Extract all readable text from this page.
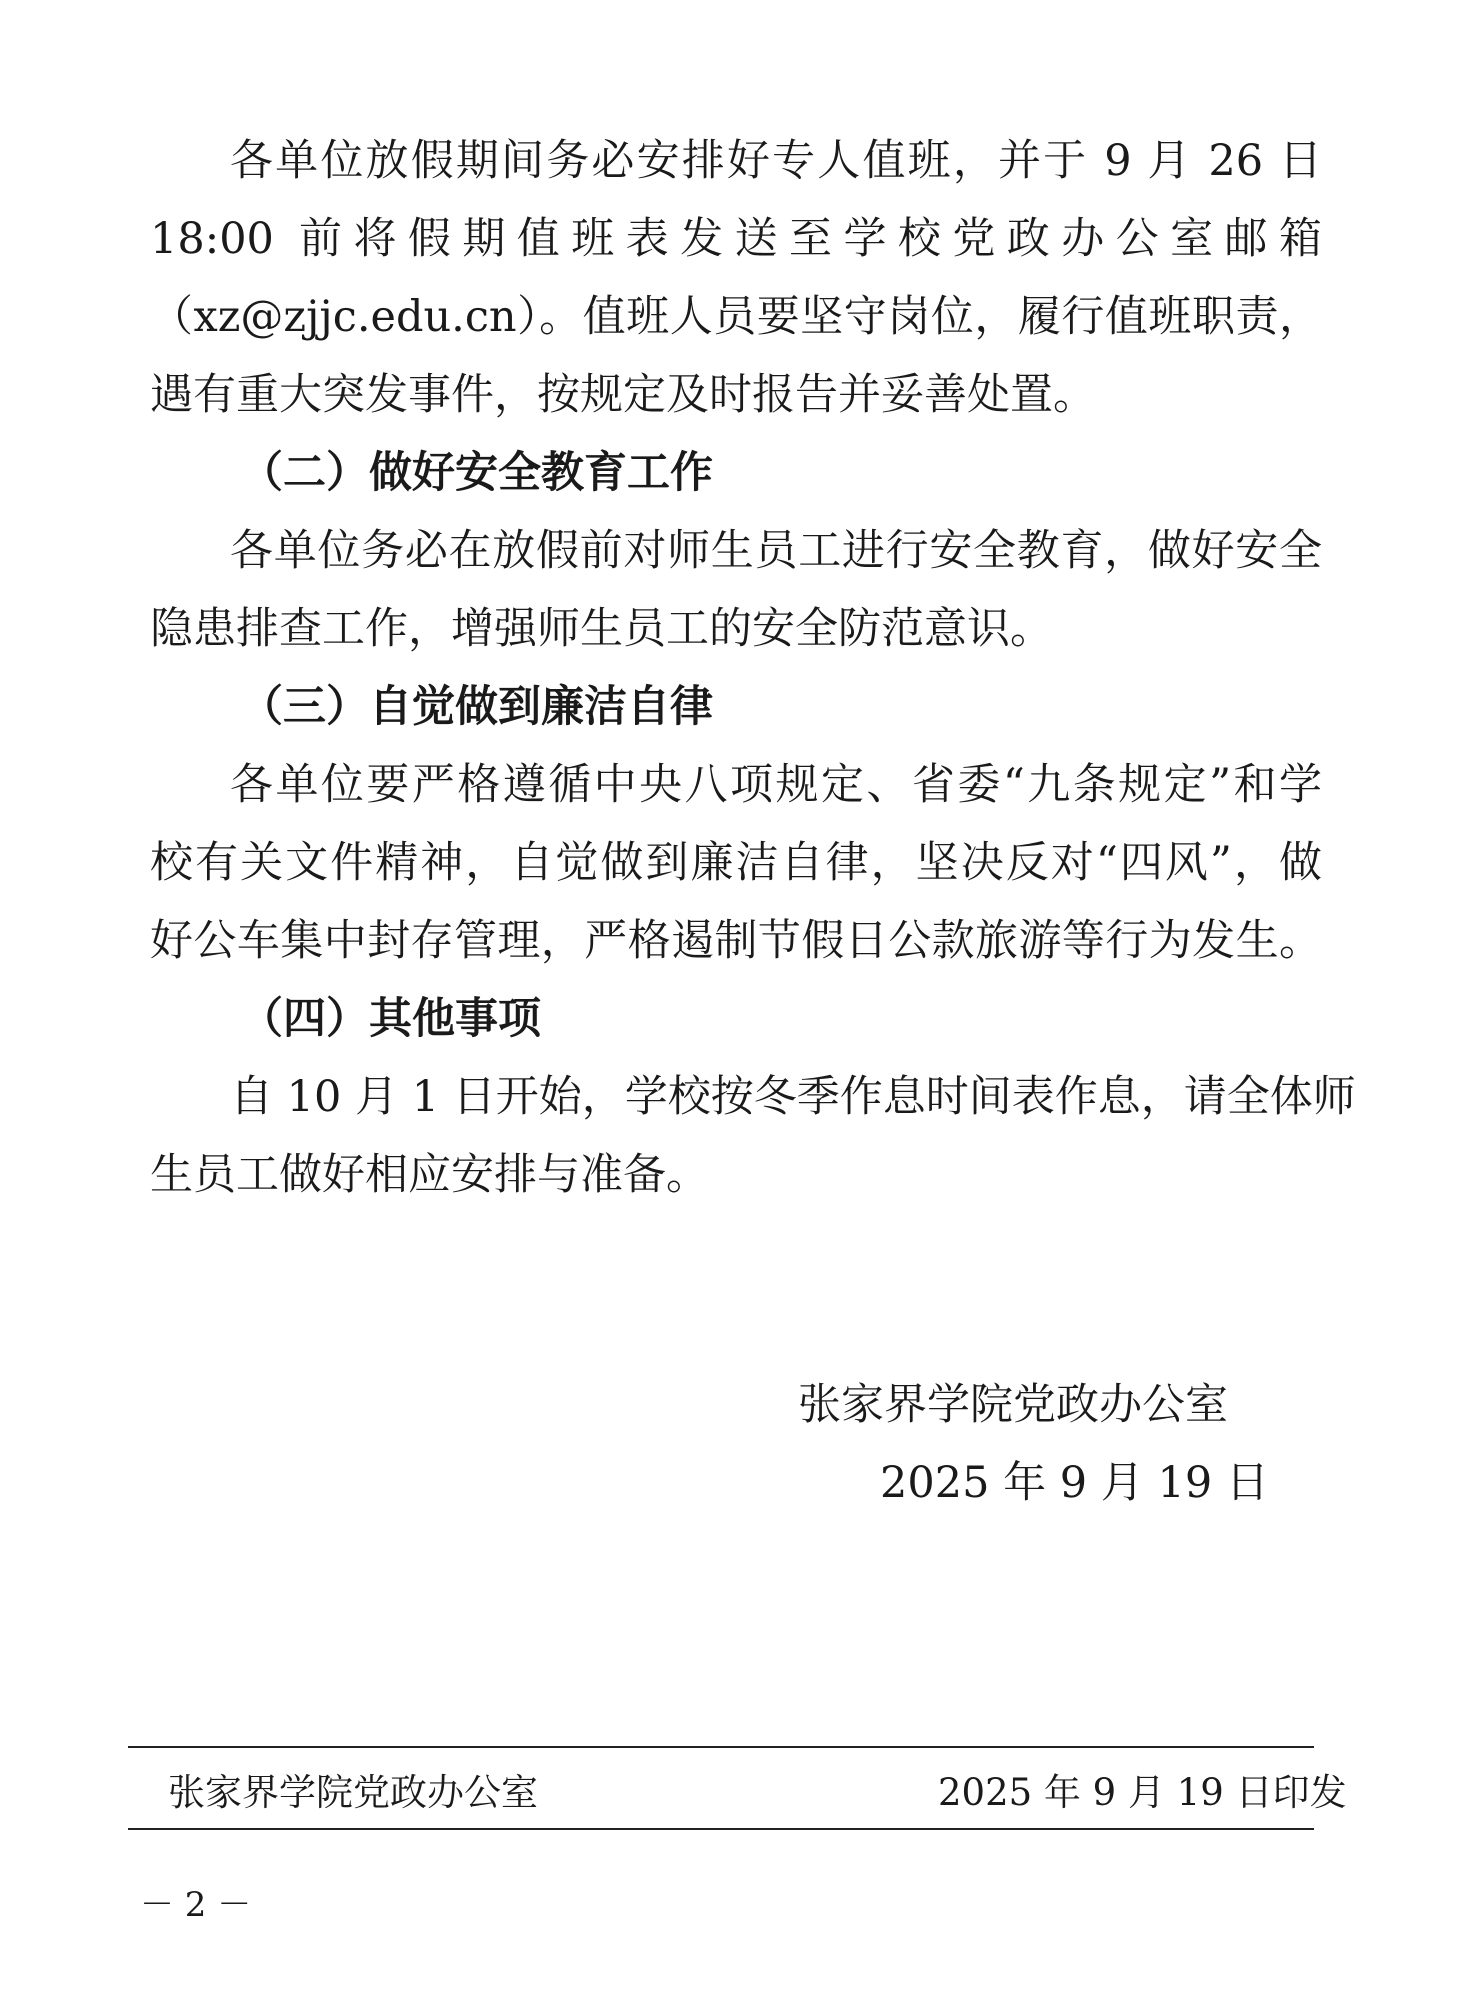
各单位放假期间务必安排好专人值班，并于 9 月 26 日

18:00 前将假期值班表发送至学校党政办公室邮箱

（xz@zjjc.edu.cn）。值班人员要坚守岗位，履行值班职责，

遇有重大突发事件，按规定及时报告并妥善处置。

（二）做好安全教育工作

各单位务必在放假前对师生员工进行安全教育，做好安全

隐患排查工作，增强师生员工的安全防范意识。

（三）自觉做到廉洁自律

各单位要严格遵循中央八项规定、省委“九条规定”和学

校有关文件精神，自觉做到廉洁自律，坚决反对“四风”，做

好公车集中封存管理，严格遏制节假日公款旅游等行为发生。

（四）其他事项

自 10 月 1 日开始，学校按冬季作息时间表作息，请全体师

生员工做好相应安排与准备。

张家界学院党政办公室
2025 年 9 月 19 日
张家界学院党政办公室	2025 年 9 月 19 日印发
－ 2 －
